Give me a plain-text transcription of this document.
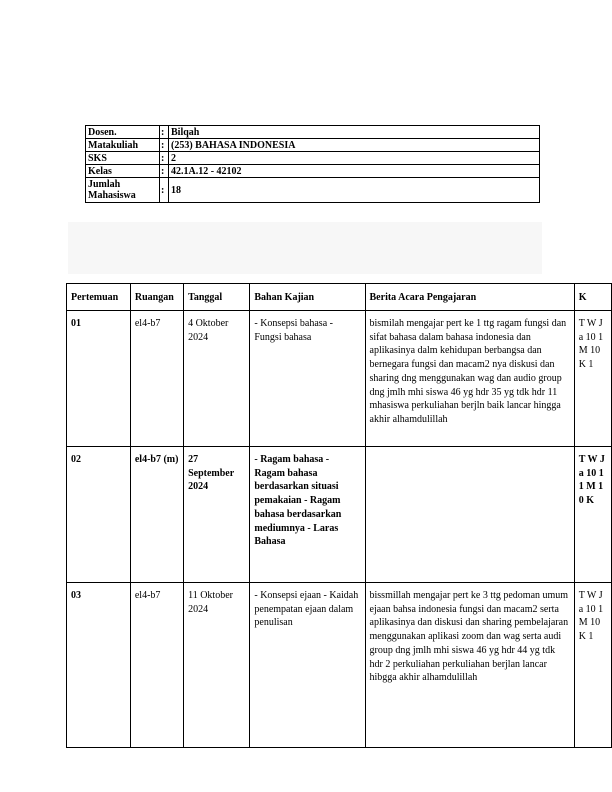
Dosen.	:	Bilqah
Matakuliah	:	(253) BAHASA INDONESIA
SKS	:	2
Kelas	:	42.1A.12 - 42102
Jumlah Mahasiswa	:	18
Pertemuan	Ruangan	Tanggal	Bahan Kajian	Berita Acara Pengajaran	K
01	el4-b7	4 Oktober 2024	- Konsepsi bahasa - Fungsi bahasa	bismilah mengajar pert ke 1 ttg ragam fungsi dan sifat bahasa dalam bahasa indonesia dan aplikasinya dalm kehidupan berbangsa dan bernegara fungsi dan macam2 nya diskusi dan sharing dng menggunakan wag dan audio group dng jmlh mhi siswa 46 yg hdr 35 yg tdk hdr 11 mhasiswa perkuliahan berjln baik lancar hingga akhir alhamdulillah	T W Ja 10 1 M 10 K 1
02	el4-b7 (m)	27 September 2024	- Ragam bahasa - Ragam bahasa berdasarkan situasi pemakaian - Ragam bahasa berdasarkan mediumnya - Laras Bahasa		T W Ja 10 11 M 10 K
03	el4-b7	11 Oktober 2024	- Konsepsi ejaan - Kaidah penempatan ejaan dalam penulisan	bissmillah mengajar pert ke 3 ttg pedoman umum ejaan bahsa indonesia fungsi dan macam2 serta aplikasinya dan diskusi dan sharing pembelajaran menggunakan aplikasi zoom dan wag serta audi group dng jmlh mhi siswa 46 yg hdr 44 yg tdk hdr 2 perkuliahan perkuliahan berjlan lancar hibgga akhir alhamdulillah	T W Ja 10 1 M 10 K 1
